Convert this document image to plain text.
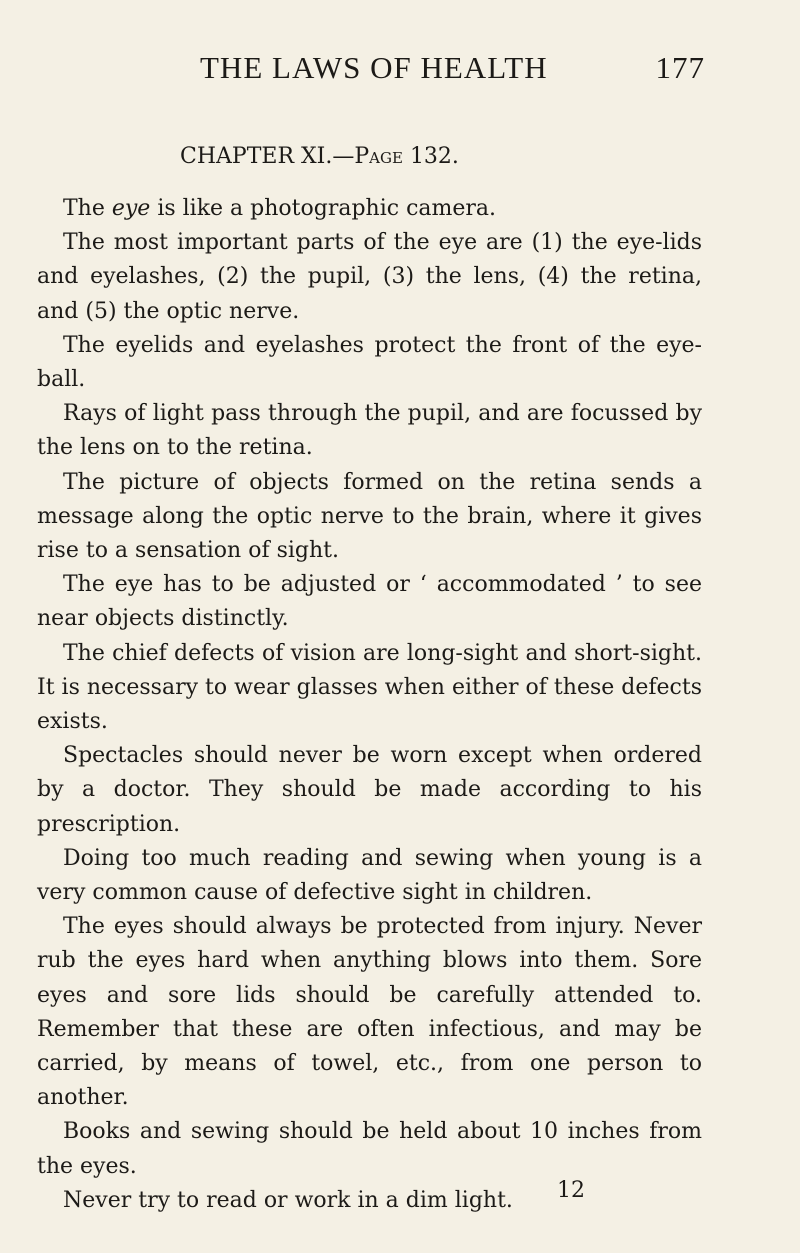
THE LAWS OF HEALTH	177
CHAPTER XI.—Page 132.

The eye is like a photographic camera.

The most important parts of the eye are (1) the eye-lids and eyelashes, (2) the pupil, (3) the lens, (4) the retina, and (5) the optic nerve.

The eyelids and eyelashes protect the front of the eye-ball.

Rays of light pass through the pupil, and are focussed by the lens on to the retina.

The picture of objects formed on the retina sends a message along the optic nerve to the brain, where it gives rise to a sensation of sight.

The eye has to be adjusted or ‘ accommodated ’ to see near objects distinctly.

The chief defects of vision are long-sight and short-sight. It is necessary to wear glasses when either of these defects exists.

Spectacles should never be worn except when ordered by a doctor. They should be made according to his prescription.

Doing too much reading and sewing when young is a very common cause of defective sight in children.

The eyes should always be protected from injury. Never rub the eyes hard when anything blows into them. Sore eyes and sore lids should be carefully attended to. Remember that these are often infectious, and may be carried, by means of towel, etc., from one person to another.

Books and sewing should be held about 10 inches from the eyes.

Never try to read or work in a dim light.	12
